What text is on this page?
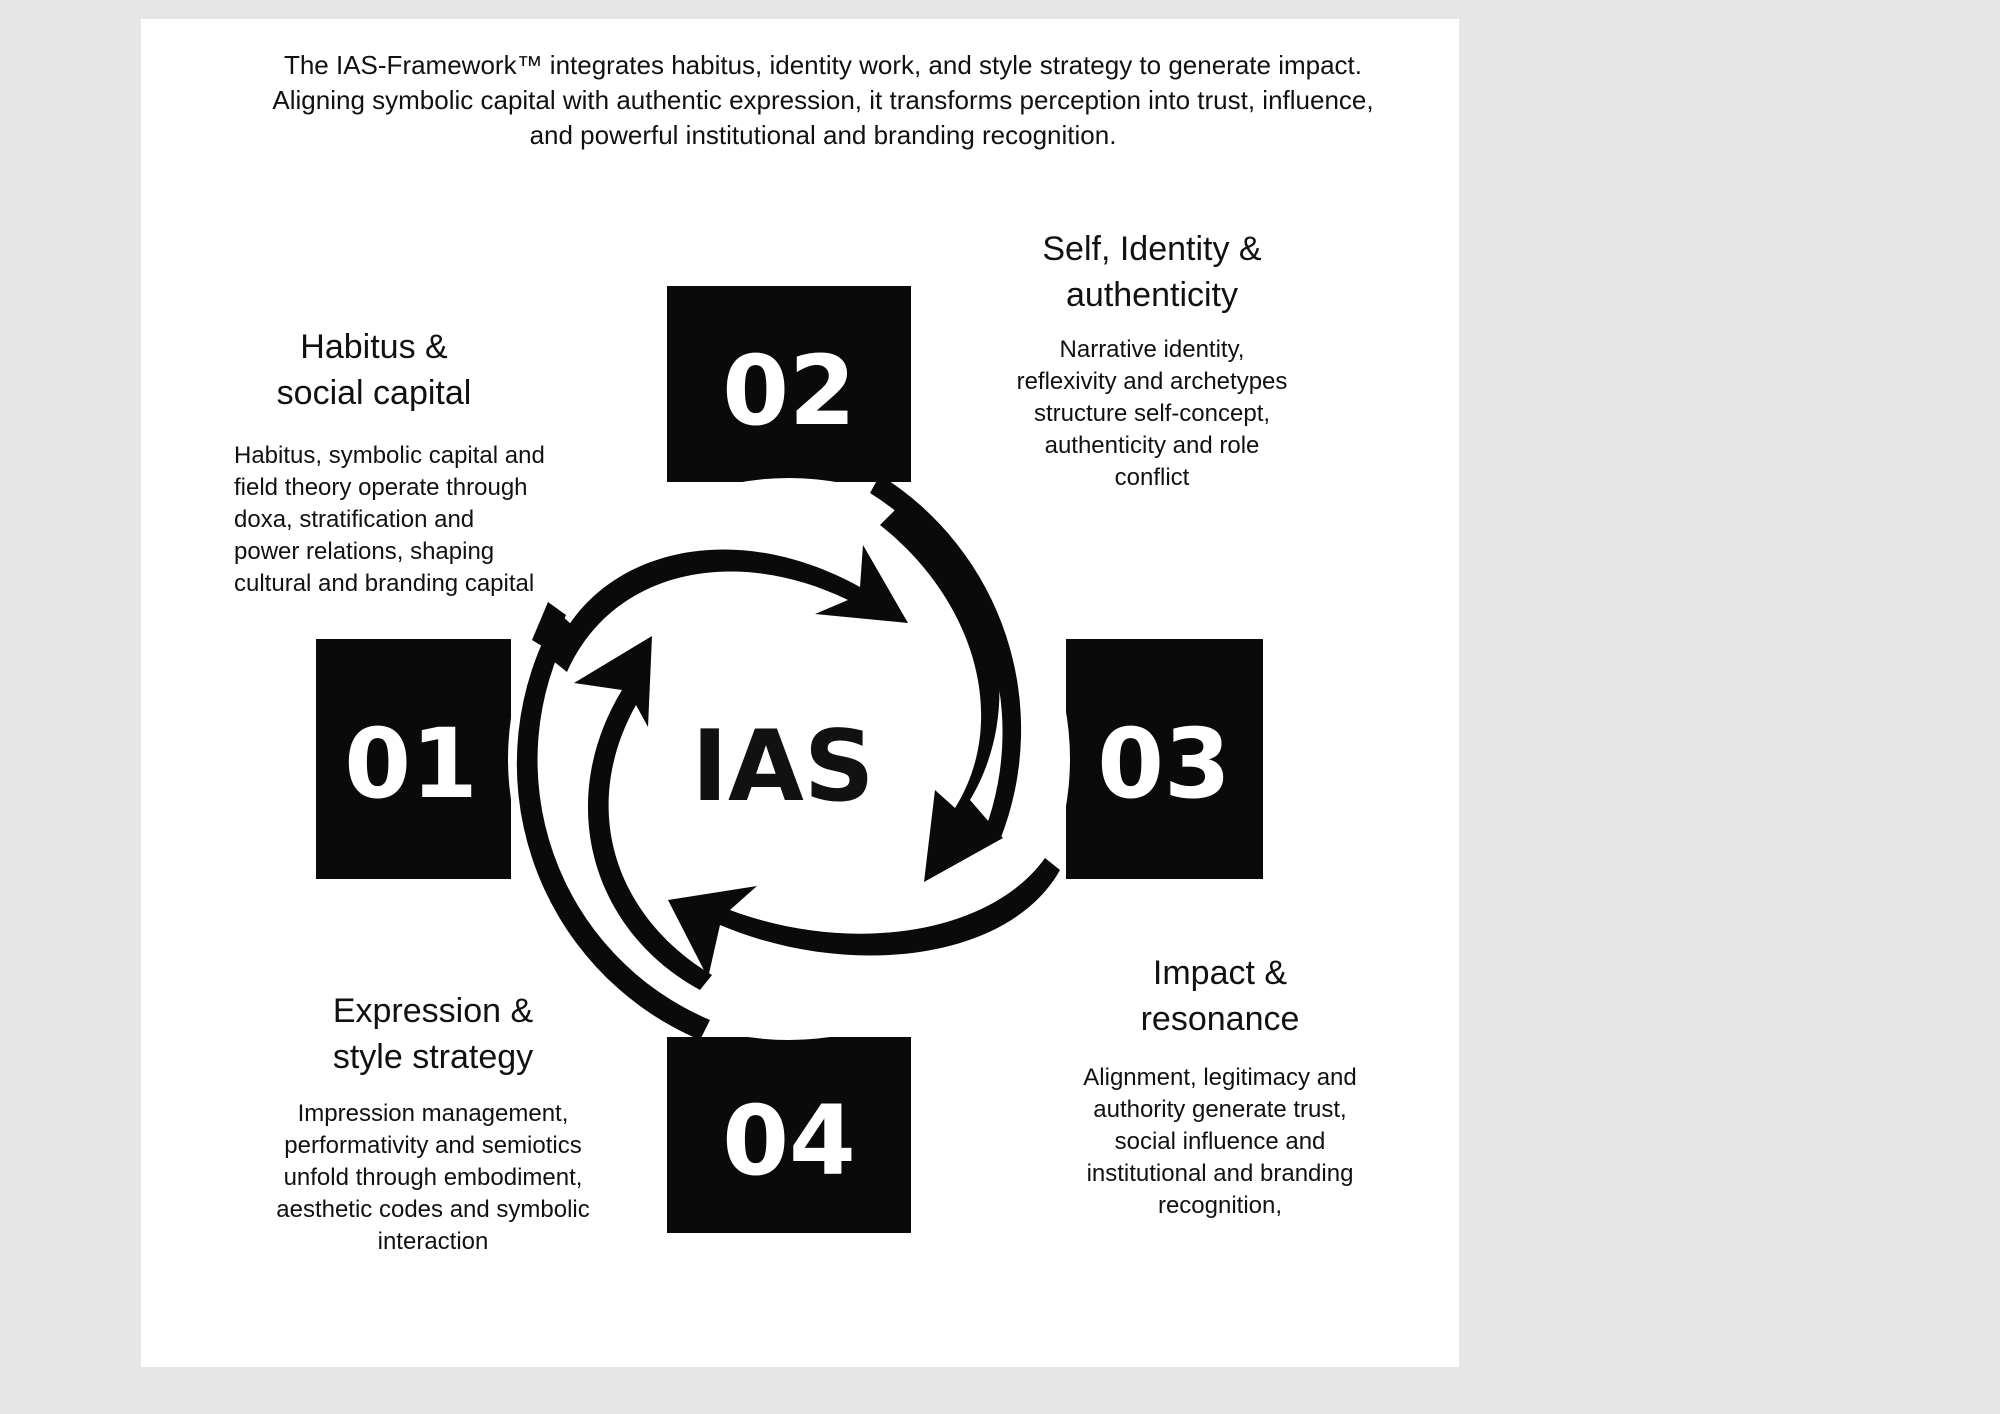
The IAS-Framework™ integrates habitus, identity work, and style strategy to generate impact.
Aligning symbolic capital with authentic expression, it transforms perception into trust, influence,
and powerful institutional and branding recognition.

IAS
01
02
03
04
Habitus &
social capital

Habitus, symbolic capital and
field theory operate through
doxa, stratification and
power relations, shaping
cultural and branding capital

Self, Identity &
authenticity

Narrative identity,
reflexivity and archetypes
structure self-concept,
authenticity and role
conflict

Impact &
resonance

Alignment, legitimacy and
authority generate trust,
social influence and
institutional and branding
recognition,

Expression &
style strategy

Impression management,
performativity and semiotics
unfold through embodiment,
aesthetic codes and symbolic
interaction
